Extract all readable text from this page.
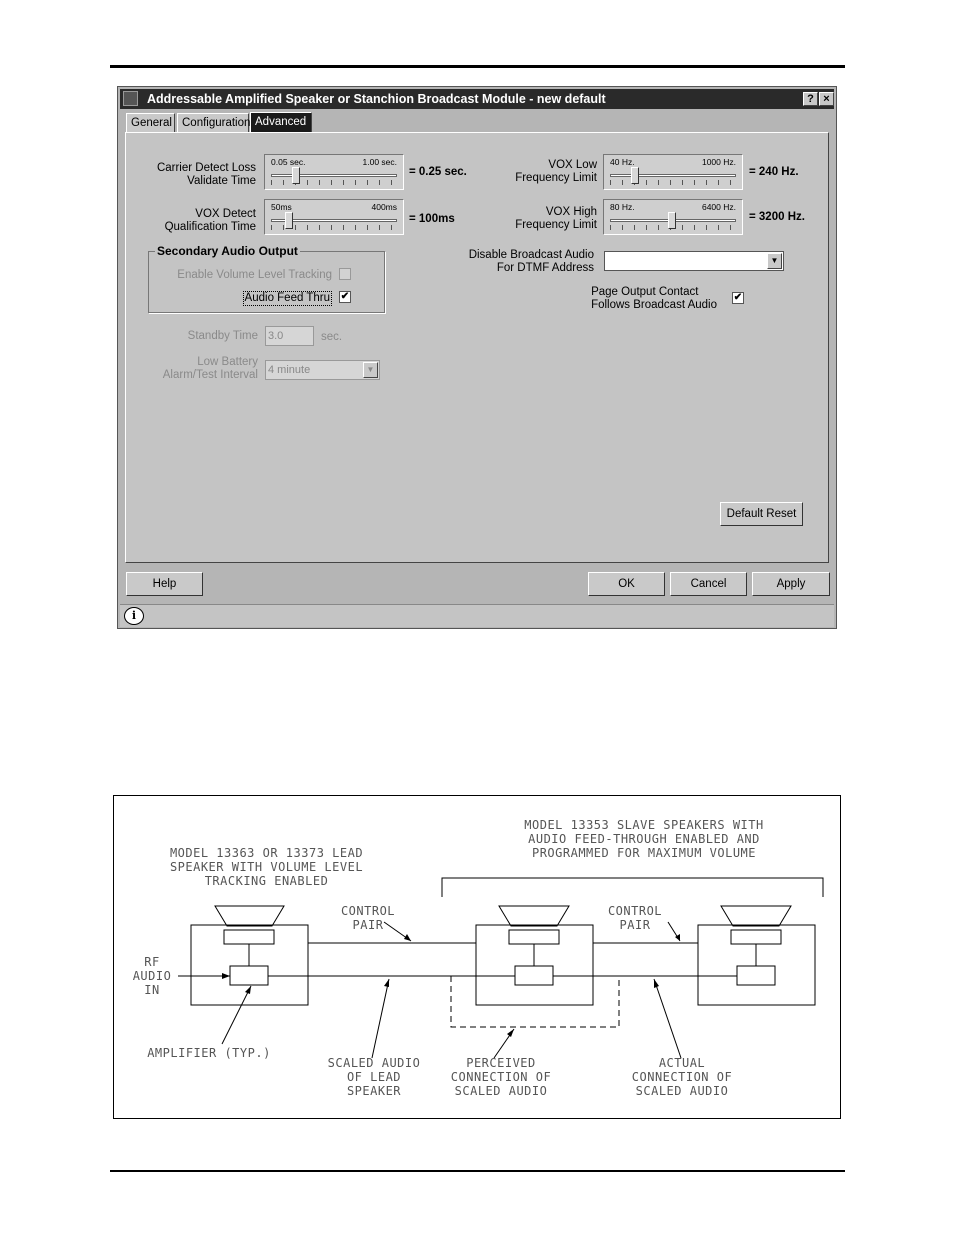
Addressable Amplified Speaker or Stanchion Broadcast Module - new default	? ×
General Configuration Advanced
Carrier Detect Loss
Validate Time
0.05 sec.	1.00 sec.
= 0.25 sec.
VOX Detect
Qualification Time
50ms	400ms
= 100ms
VOX Low
Frequency Limit
40 Hz.	1000 Hz.
= 240 Hz.
VOX High
Frequency Limit
80 Hz.	6400 Hz.
= 3200 Hz.
Secondary Audio Output
Enable Volume Level Tracking
Audio Feed Thru ✔
Disable Broadcast Audio
For DTMF Address
▼
Page Output Contact
Follows Broadcast Audio
✔
Standby Time 3.0	sec.
Low Battery
Alarm/Test Interval 4 minute	▼
Default Reset
Help	OK	Cancel	Apply
i
MODEL 13353 SLAVE SPEAKERS WITH
AUDIO FEED-THROUGH ENABLED AND
PROGRAMMED FOR MAXIMUM VOLUME
MODEL 13363 OR 13373 LEAD
SPEAKER WITH VOLUME LEVEL
TRACKING ENABLED
CONTROL
PAIR
CONTROL
PAIR
RF
AUDIO
IN
AMPLIFIER (TYP.)
SCALED AUDIO
OF LEAD
SPEAKER
PERCEIVED
CONNECTION OF
SCALED AUDIO
ACTUAL
CONNECTION OF
SCALED AUDIO
